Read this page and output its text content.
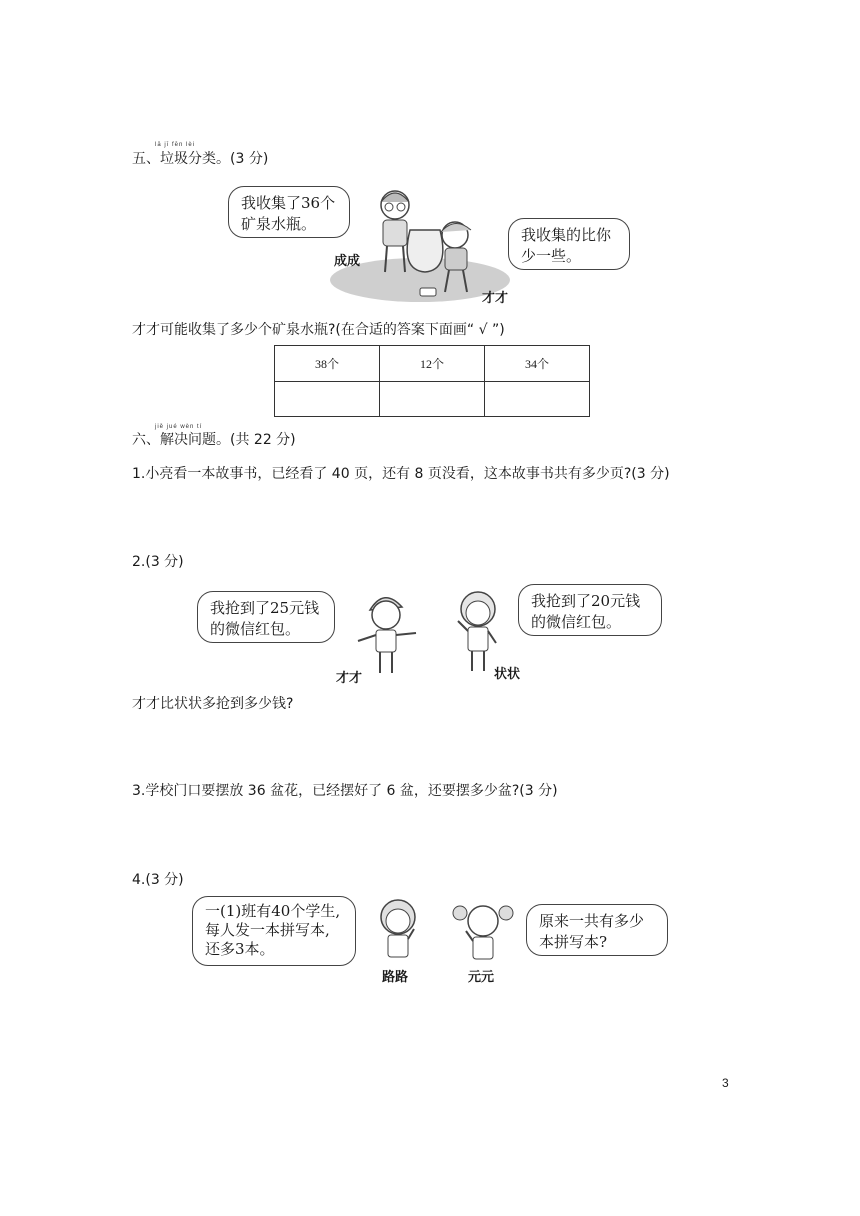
lā jī fēn lèi
五、垃圾分类。(3 分)
我收集了36个
矿泉水瓶。
我收集的比你
少一些。
成成
才才
才才可能收集了多少个矿泉水瓶?(在合适的答案下面画“ √ ”)
38个	12个	34个

jiě jué wèn tí
六、解决问题。(共 22 分)
1.小亮看一本故事书，已经看了 40 页，还有 8 页没看，这本故事书共有多少页?(3 分)
2.(3 分)
我抢到了25元钱
的微信红包。
才才
我抢到了20元钱
的微信红包。
状状
才才比状状多抢到多少钱?
3.学校门口要摆放 36 盆花，已经摆好了 6 盆，还要摆多少盆?(3 分)
4.(3 分)
一(1)班有40个学生,
每人发一本拼写本,
还多3本。
路路
原来一共有多少
本拼写本?
元元
3
